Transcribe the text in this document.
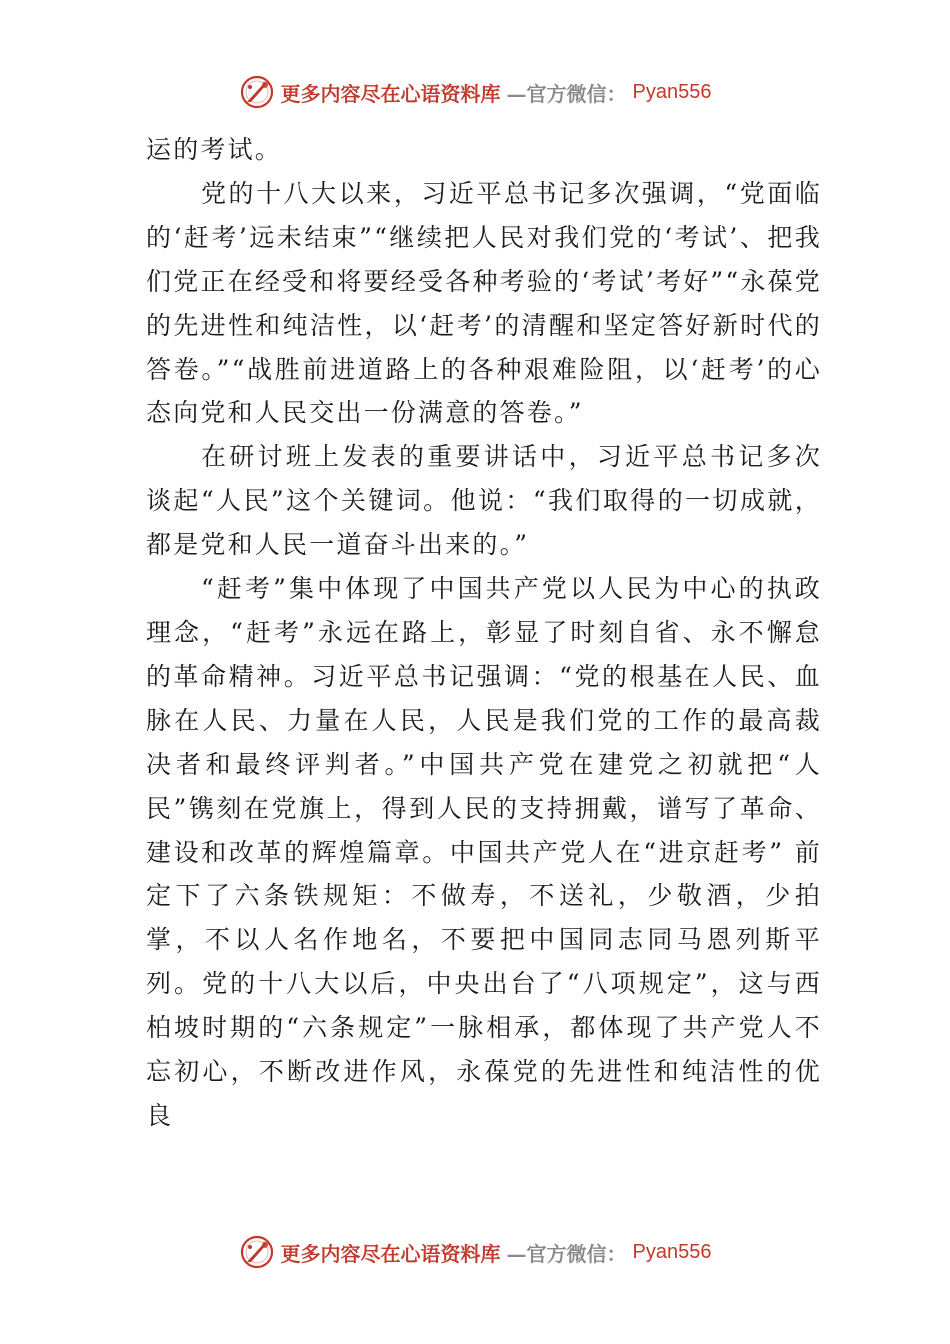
更多内容尽在心语资料库 —官方微信： Pyan556

运的考试。

党的十八大以来，习近平总书记多次强调，“党面临的‘赶考’远未结束”“继续把人民对我们党的‘考试’、把我们党正在经受和将要经受各种考验的‘考试’考好”“永葆党的先进性和纯洁性，以‘赶考’的清醒和坚定答好新时代的答卷。”“战胜前进道路上的各种艰难险阻，以‘赶考’的心态向党和人民交出一份满意的答卷。”

在研讨班上发表的重要讲话中，习近平总书记多次谈起“人民”这个关键词。他说：“我们取得的一切成就，都是党和人民一道奋斗出来的。”

“赶考”集中体现了中国共产党以人民为中心的执政理念，“赶考”永远在路上，彰显了时刻自省、永不懈怠的革命精神。习近平总书记强调：“党的根基在人民、血脉在人民、力量在人民，人民是我们党的工作的最高裁决者和最终评判者。”中国共产党在建党之初就把“人民”镌刻在党旗上，得到人民的支持拥戴，谱写了革命、建设和改革的辉煌篇章。中国共产党人在“进京赶考” 前定下了六条铁规矩：不做寿，不送礼，少敬酒，少拍掌，不以人名作地名，不要把中国同志同马恩列斯平列。党的十八大以后，中央出台了“八项规定”，这与西柏坡时期的“六条规定”一脉相承，都体现了共产党人不忘初心，不断改进作风，永葆党的先进性和纯洁性的优良

更多内容尽在心语资料库 —官方微信： Pyan556
